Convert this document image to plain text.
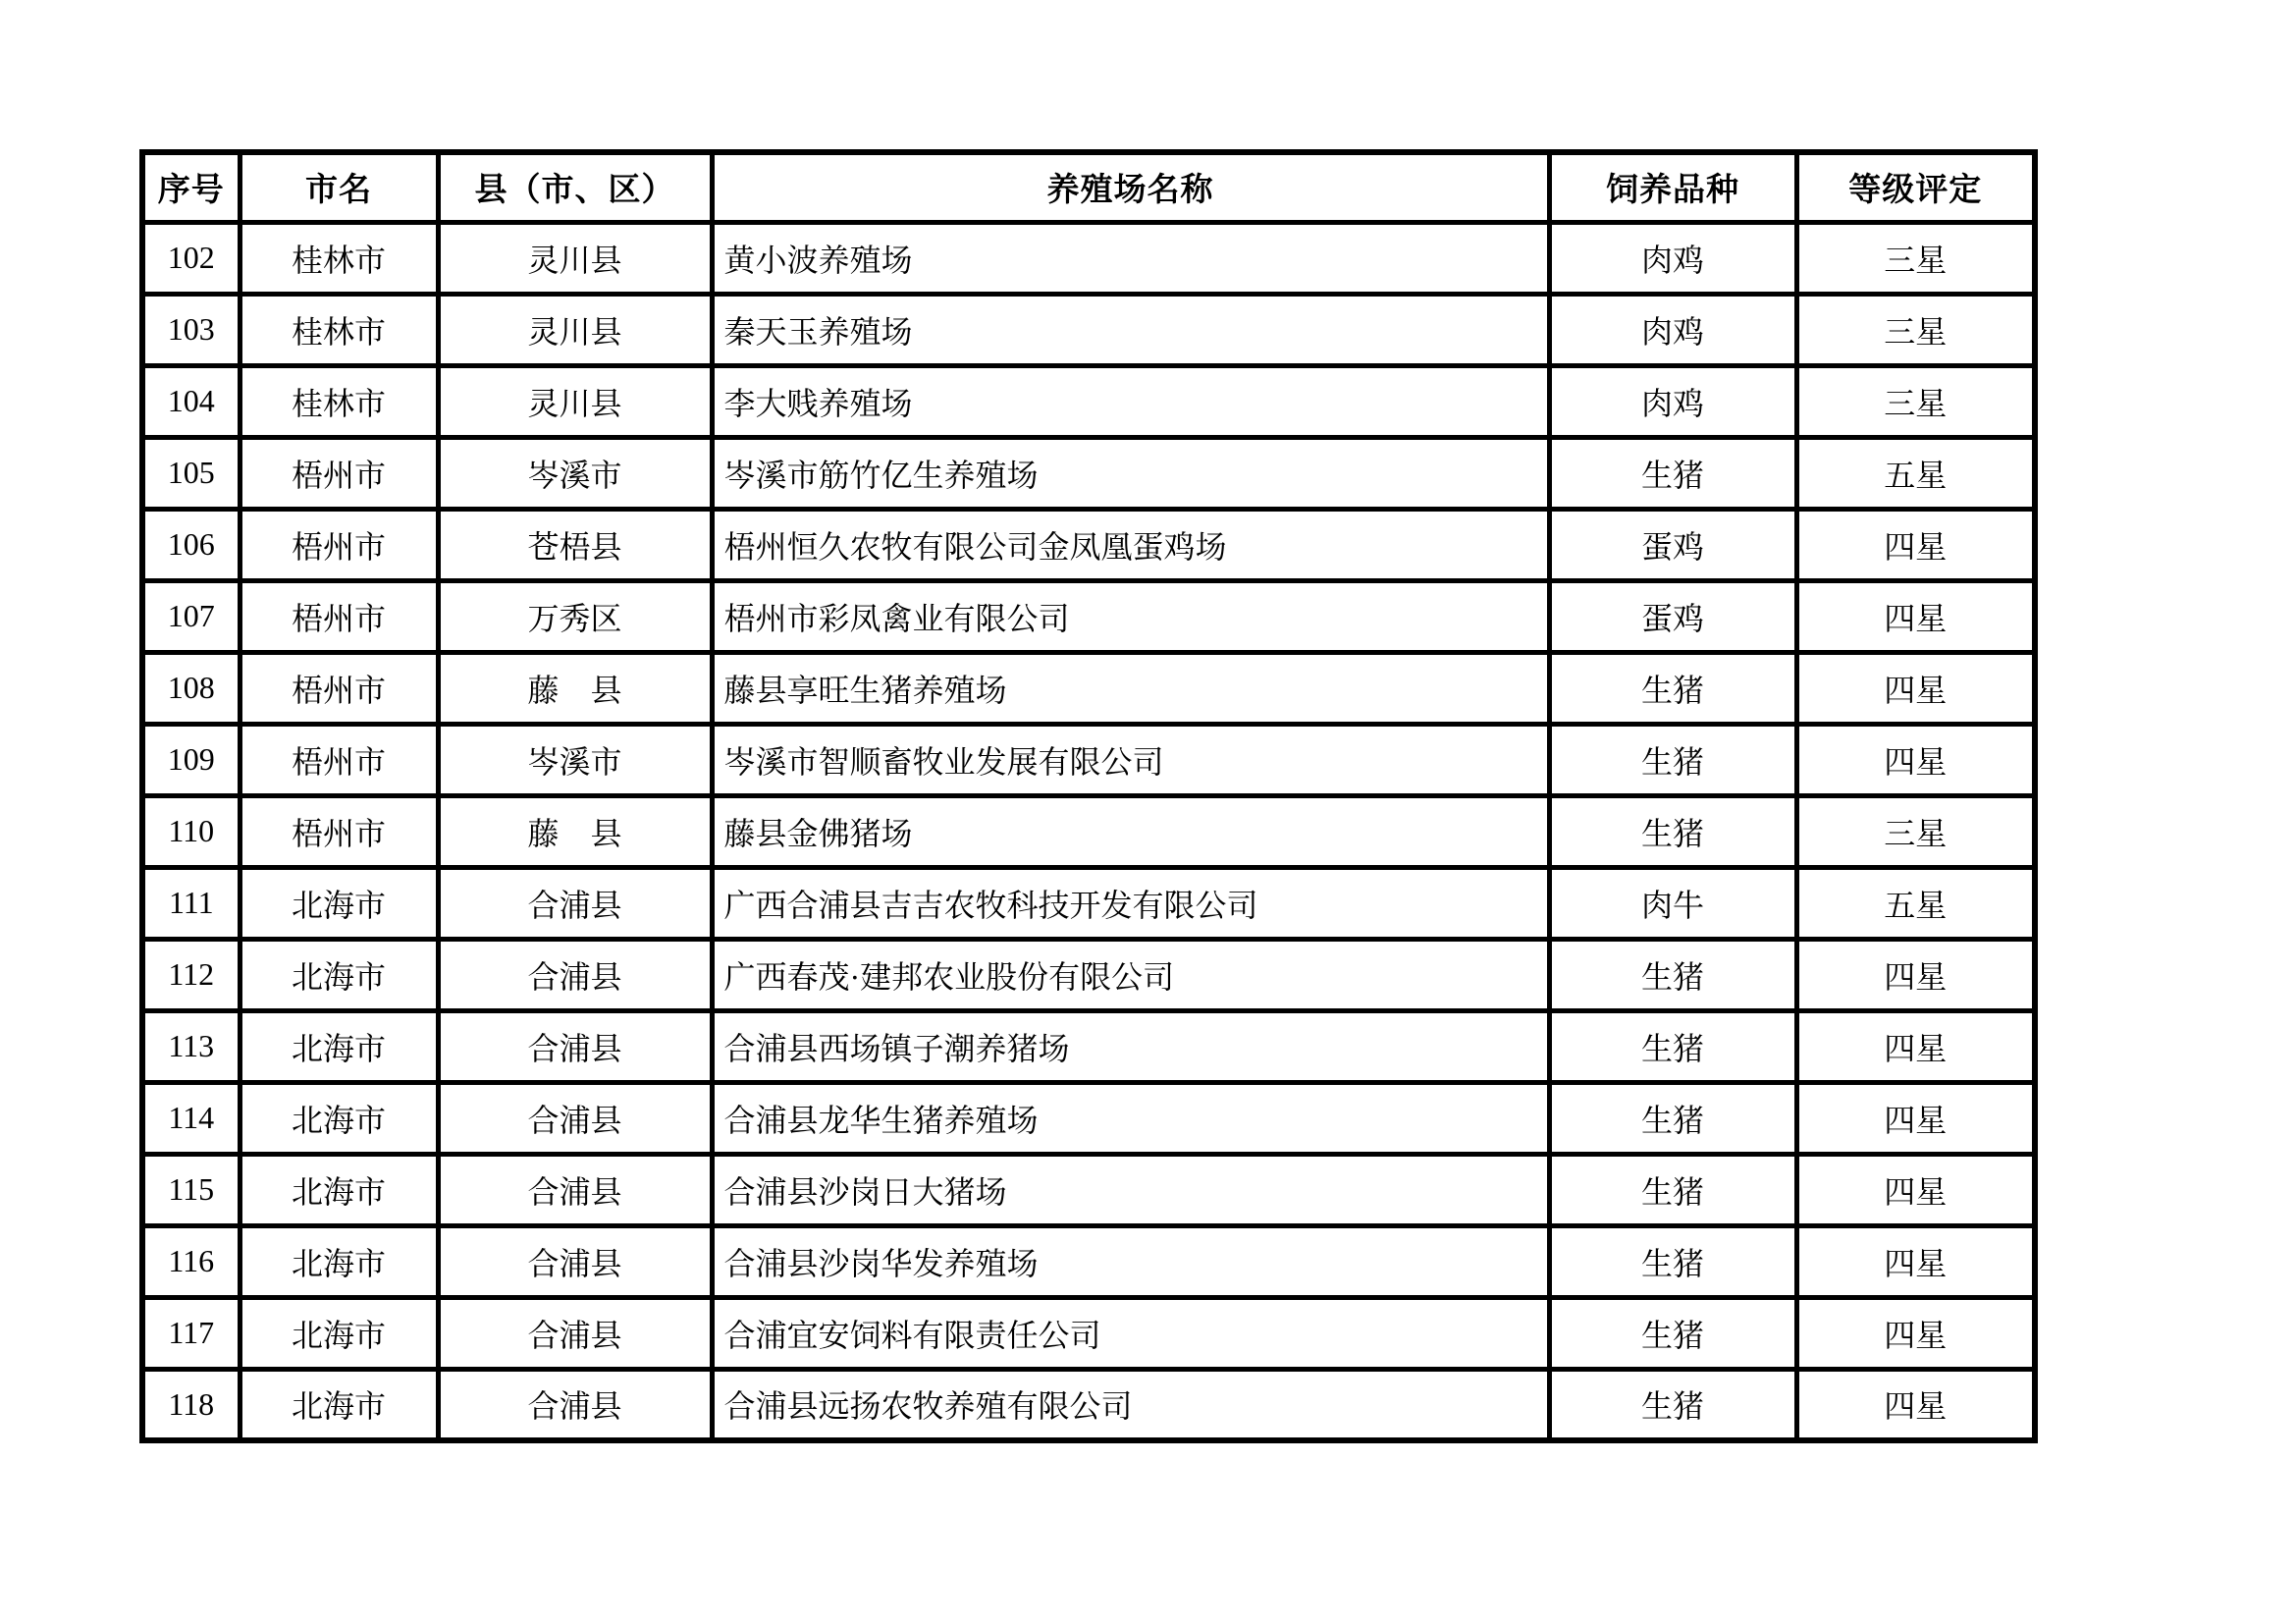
序号	市名	县（市、区）	养殖场名称	饲养品种	等级评定
102	桂林市	灵川县	黄小波养殖场	肉鸡	三星
103	桂林市	灵川县	秦天玉养殖场	肉鸡	三星
104	桂林市	灵川县	李大贱养殖场	肉鸡	三星
105	梧州市	岑溪市	岑溪市筋竹亿生养殖场	生猪	五星
106	梧州市	苍梧县	梧州恒久农牧有限公司金凤凰蛋鸡场	蛋鸡	四星
107	梧州市	万秀区	梧州市彩凤禽业有限公司	蛋鸡	四星
108	梧州市	藤　县	藤县享旺生猪养殖场	生猪	四星
109	梧州市	岑溪市	岑溪市智顺畜牧业发展有限公司	生猪	四星
110	梧州市	藤　县	藤县金佛猪场	生猪	三星
111	北海市	合浦县	广西合浦县吉吉农牧科技开发有限公司	肉牛	五星
112	北海市	合浦县	广西春茂·建邦农业股份有限公司	生猪	四星
113	北海市	合浦县	合浦县西场镇子潮养猪场	生猪	四星
114	北海市	合浦县	合浦县龙华生猪养殖场	生猪	四星
115	北海市	合浦县	合浦县沙岗日大猪场	生猪	四星
116	北海市	合浦县	合浦县沙岗华发养殖场	生猪	四星
117	北海市	合浦县	合浦宜安饲料有限责任公司	生猪	四星
118	北海市	合浦县	合浦县远扬农牧养殖有限公司	生猪	四星
